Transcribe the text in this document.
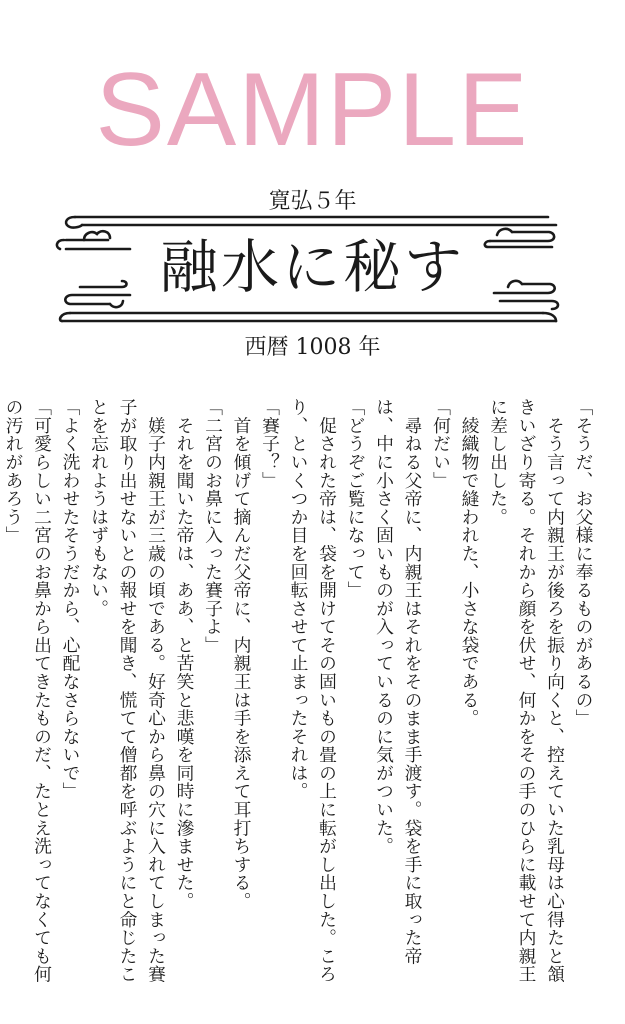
SAMPLE
寛弘５年
融水に秘す
西暦 1008 年

「そうだ、お父様に奉るものがあるの」

　そう言って内親王が後ろを振り向くと、控えていた乳母は心得たと頷きいざり寄る。それから顔を伏せ、何かをその手のひらに載せて内親王に差し出した。

　綾織物で縫われた、小さな袋である。

「何だい」

　尋ねる父帝に、内親王はそれをそのまま手渡す。袋を手に取った帝は、中に小さく固いものが入っているのに気がついた。

「どうぞご覧になって」

　促された帝は、袋を開けてその固いもの畳の上に転がし出した。ころり、といくつか目を回転させて止まったそれは。

「賽子？」

　首を傾げて摘んだ父帝に、内親王は手を添えて耳打ちする。

「二宮のお鼻に入った賽子よ」

　それを聞いた帝は、ああ、と苦笑と悲嘆を同時に滲ませた。

　媄子内親王が三歳の頃である。好奇心から鼻の穴に入れてしまった賽子が取り出せないとの報せを聞き、慌てて僧都を呼ぶようにと命じたことを忘れようはずもない。

「よく洗わせたそうだから、心配なさらないで」

「可愛らしい二宮のお鼻から出てきたものだ、たとえ洗ってなくても何の汚れがあろう」
